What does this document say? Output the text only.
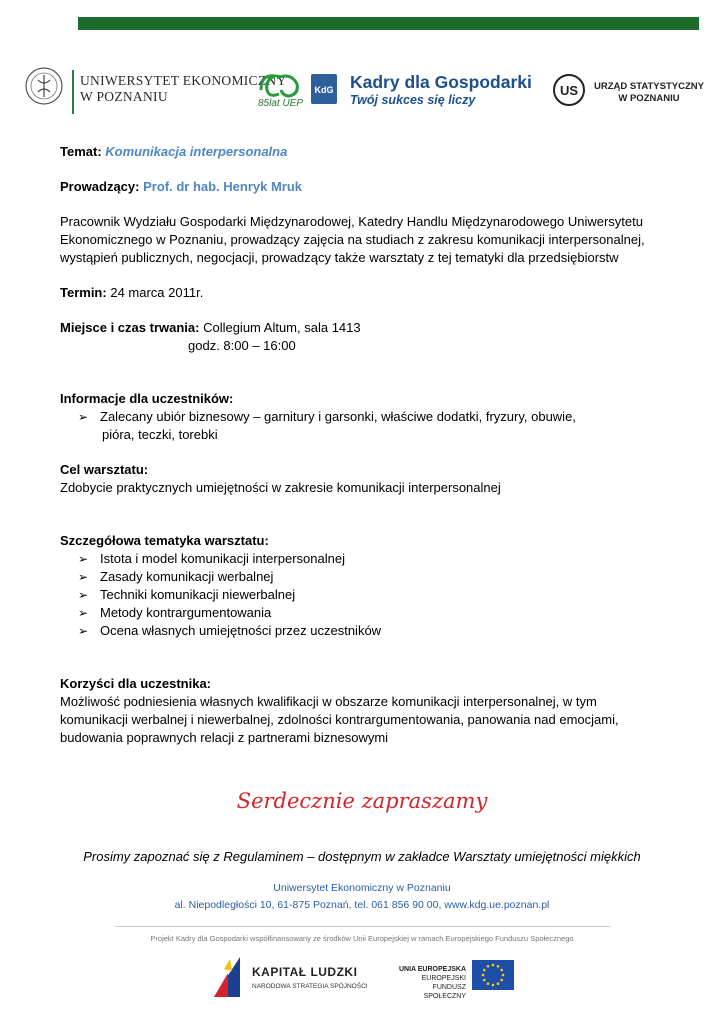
UNIWERSYTET EKONOMICZNY
W POZNANIU	85lat UEP
KdG Kadry dla Gospodarki
Twój sukces się liczy
US URZĄD STATYSTYCZNY
W POZNANIU
Temat: Komunikacja interpersonalna
Prowadzący: Prof. dr hab. Henryk Mruk
Pracownik Wydziału Gospodarki Międzynarodowej, Katedry Handlu Międzynarodowego Uniwersytetu
Ekonomicznego w Poznaniu, prowadzący zajęcia na studiach z zakresu komunikacji interpersonalnej,
wystąpień publicznych, negocjacji, prowadzący także warsztaty z tej tematyki dla przedsiębiorstw
Termin: 24 marca 2011r.
Miejsce i czas trwania: Collegium Altum, sala 1413
godz. 8:00 – 16:00
Informacje dla uczestników:
➢ Zalecany ubiór biznesowy – garnitury i garsonki, właściwe dodatki, fryzury, obuwie,
pióra, teczki, torebki
Cel warsztatu:
Zdobycie praktycznych umiejętności w zakresie komunikacji interpersonalnej
Szczegółowa tematyka warsztatu:
➢ Istota i model komunikacji interpersonalnej
➢ Zasady komunikacji werbalnej
➢ Techniki komunikacji niewerbalnej
➢ Metody kontrargumentowania
➢ Ocena własnych umiejętności przez uczestników
Korzyści dla uczestnika:
Możliwość podniesienia własnych kwalifikacji w obszarze komunikacji interpersonalnej, w tym
komunikacji werbalnej i niewerbalnej, zdolności kontrargumentowania, panowania nad emocjami,
budowania poprawnych relacji z partnerami biznesowymi
Serdecznie zapraszamy
Prosimy zapoznać się z Regulaminem – dostępnym w zakładce Warsztaty umiejętności miękkich
Uniwersytet Ekonomiczny w Poznaniu
al. Niepodległości 10, 61-875 Poznań, tel. 061 856 90 00, www.kdg.ue.poznan.pl
Projekt Kadry dla Gospodarki współfinansowany ze środków Unii Europejskiej w ramach Europejskiego Funduszu Społecznego
KAPITAŁ LUDZKI
NARODOWA STRATEGIA SPÓJNOŚCI
UNIA EUROPEJSKA
EUROPEJSKI
FUNDUSZ SPOŁECZNY
